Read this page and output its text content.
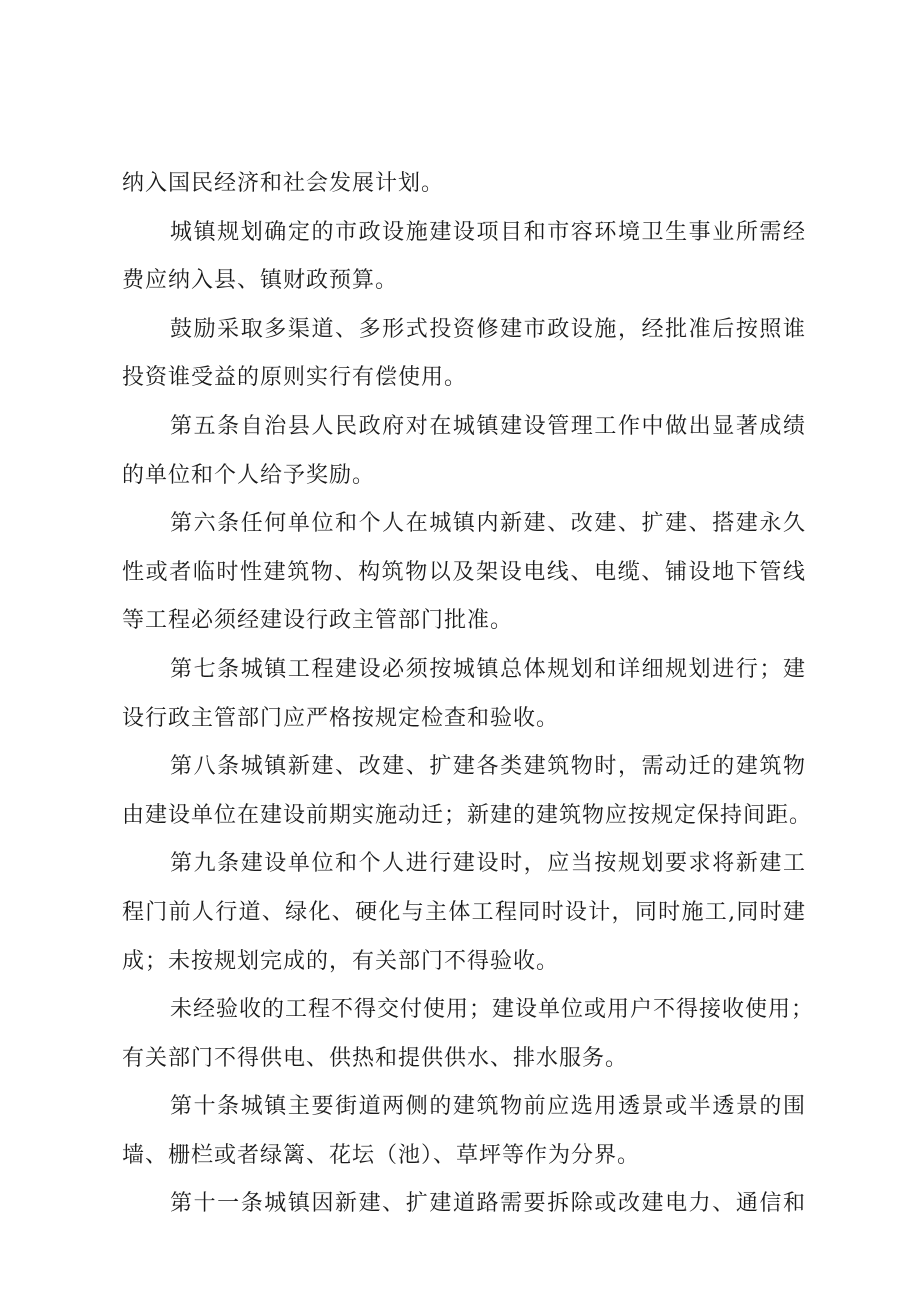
纳入国民经济和社会发展计划。
城镇规划确定的市政设施建设项目和市容环境卫生事业所需经
费应纳入县、镇财政预算。
鼓励采取多渠道、多形式投资修建市政设施，经批准后按照谁
投资谁受益的原则实行有偿使用。
第五条自治县人民政府对在城镇建设管理工作中做出显著成绩
的单位和个人给予奖励。
第六条任何单位和个人在城镇内新建、改建、扩建、搭建永久
性或者临时性建筑物、构筑物以及架设电线、电缆、铺设地下管线
等工程必须经建设行政主管部门批准。
第七条城镇工程建设必须按城镇总体规划和详细规划进行；建
设行政主管部门应严格按规定检查和验收。
第八条城镇新建、改建、扩建各类建筑物时，需动迁的建筑物
由建设单位在建设前期实施动迁；新建的建筑物应按规定保持间距。
第九条建设单位和个人进行建设时，应当按规划要求将新建工
程门前人行道、绿化、硬化与主体工程同时设计，同时施工,同时建
成；未按规划完成的，有关部门不得验收。
未经验收的工程不得交付使用；建设单位或用户不得接收使用；
有关部门不得供电、供热和提供供水、排水服务。
第十条城镇主要街道两侧的建筑物前应选用透景或半透景的围
墙、栅栏或者绿篱、花坛（池）、草坪等作为分界。
第十一条城镇因新建、扩建道路需要拆除或改建电力、通信和
